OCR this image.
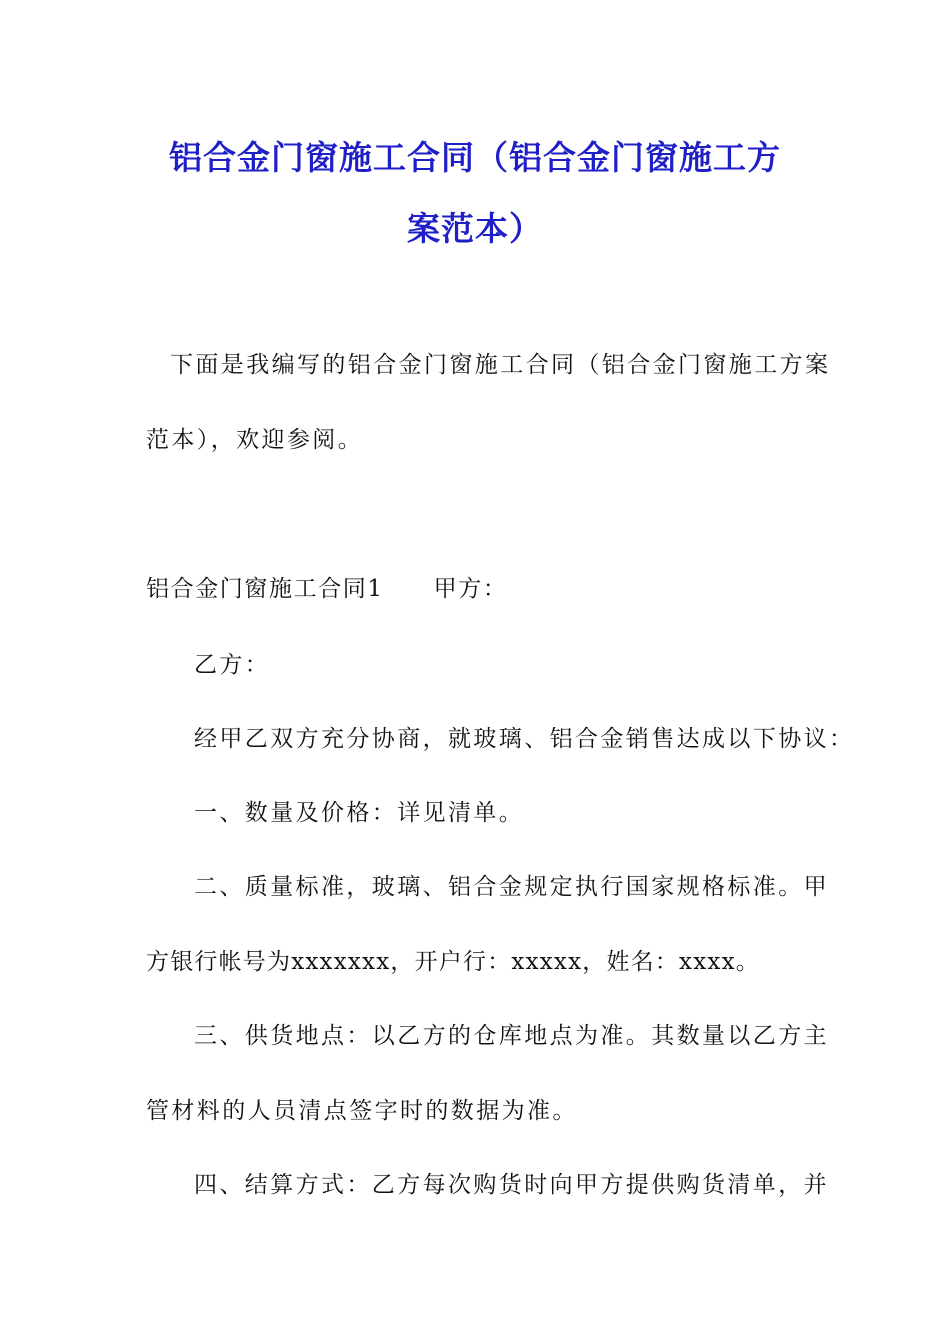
铝合金门窗施工合同（铝合金门窗施工方
案范本）

下面是我编写的铝合金门窗施工合同（铝合金门窗施工方案

范本），欢迎参阅。

铝合金门窗施工合同1 甲方：

乙方：

经甲乙双方充分协商，就玻璃、铝合金销售达成以下协议：

一、数量及价格：详见清单。

二、质量标准，玻璃、铝合金规定执行国家规格标准。甲

方银行帐号为xxxxxxx，开户行：xxxxx，姓名：xxxx。

三、供货地点：以乙方的仓库地点为准。其数量以乙方主

管材料的人员清点签字时的数据为准。

四、结算方式：乙方每次购货时向甲方提供购货清单，并
